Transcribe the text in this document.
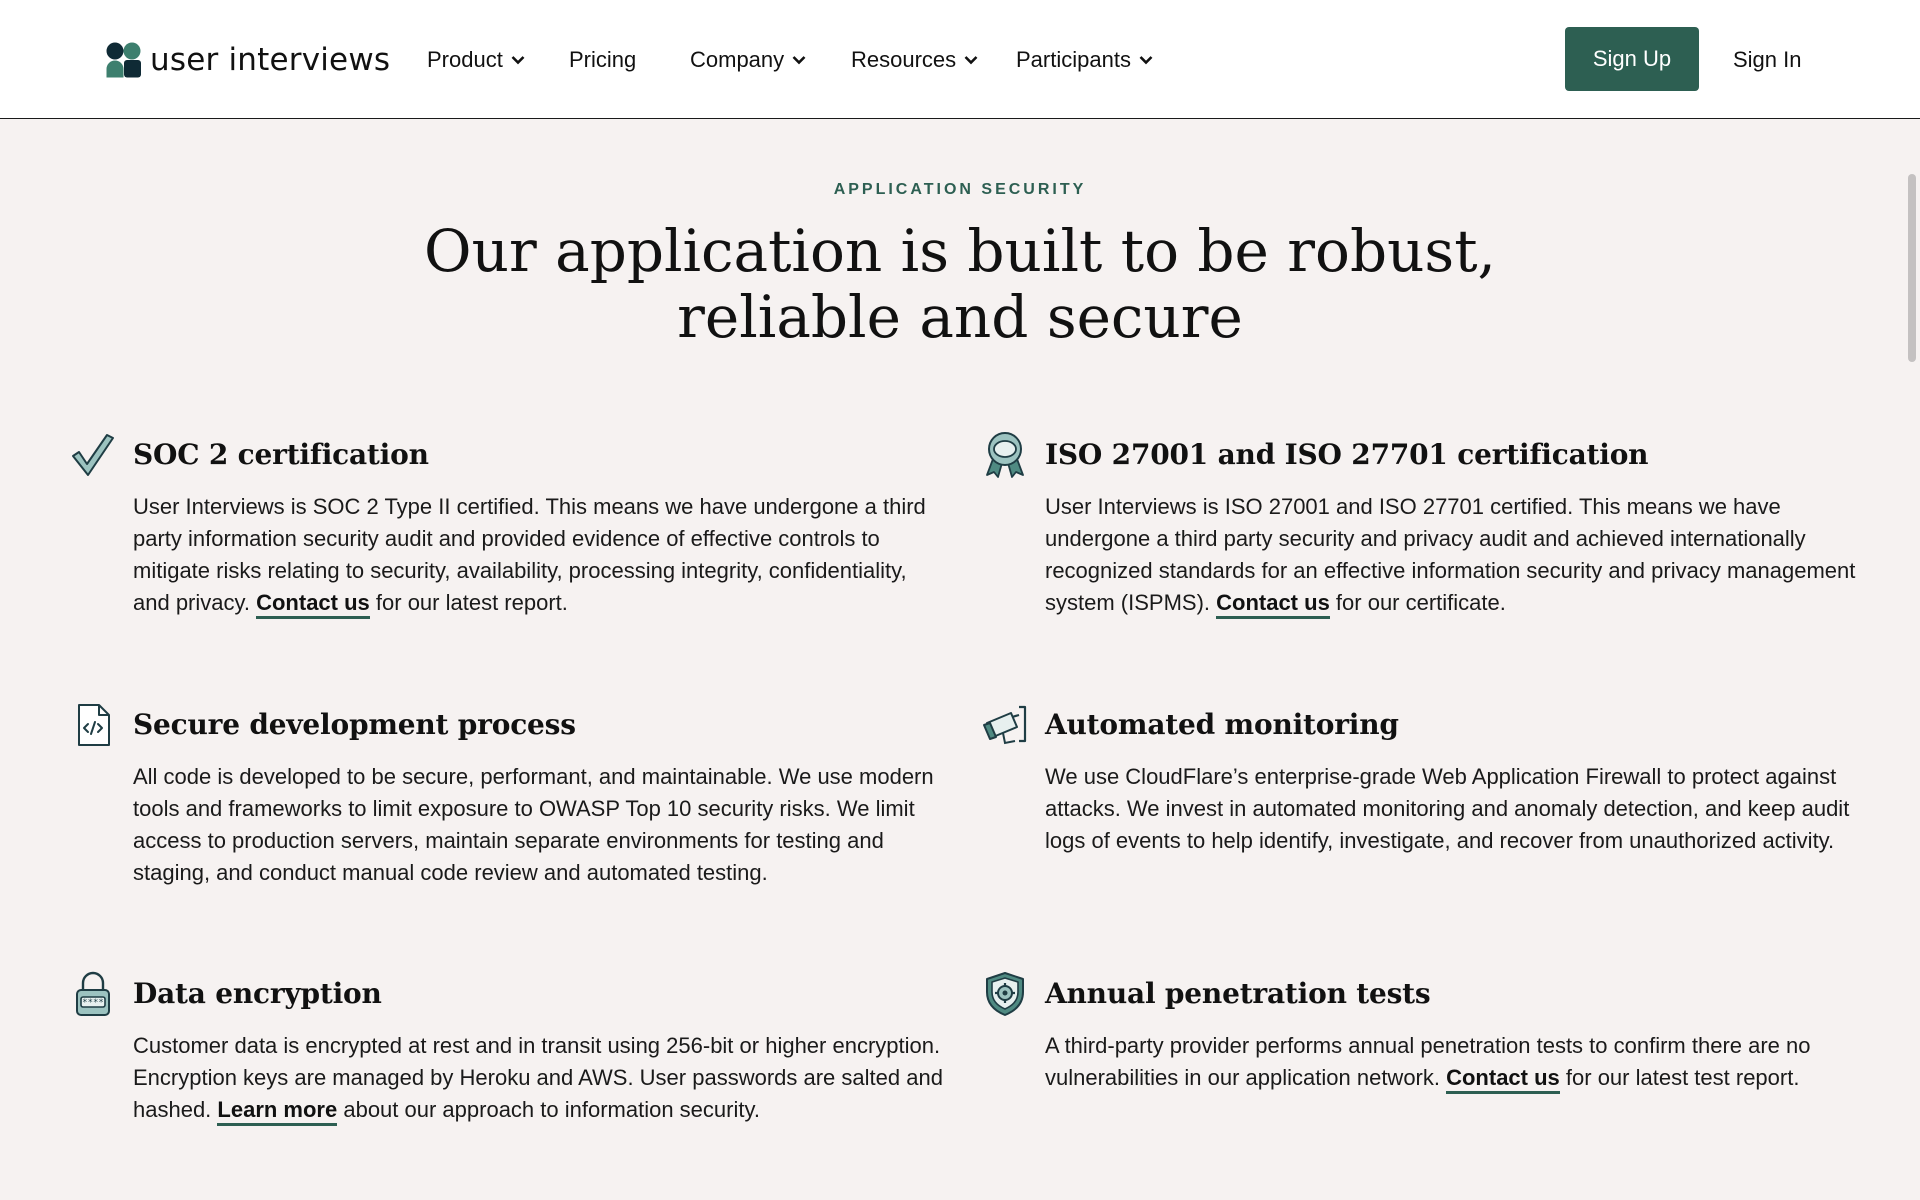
user interviews Product	Pricing Company	Resources	Participants	Sign Up	Sign In
APPLICATION SECURITY
Our application is built to be robust,
reliable and secure
SOC 2 certification

User Interviews is SOC 2 Type II certified. This means we have undergone a third party information security audit and provided evidence of effective controls to mitigate risks relating to security, availability, processing integrity, confidentiality, and privacy. Contact us for our latest report.

ISO 27001 and ISO 27701 certification

User Interviews is ISO 27001 and ISO 27701 certified. This means we have undergone a third party security and privacy audit and achieved internationally recognized standards for an effective information security and privacy management system (ISPMS). Contact us for our certificate.

Secure development process

All code is developed to be secure, performant, and maintainable. We use modern tools and frameworks to limit exposure to OWASP Top 10 security risks. We limit access to production servers, maintain separate environments for testing and staging, and conduct manual code review and automated testing.

Automated monitoring

We use CloudFlare’s enterprise-grade Web Application Firewall to protect against attacks. We invest in automated monitoring and anomaly detection, and keep audit logs of events to help identify, investigate, and recover from unauthorized activity.

**** Data encryption

Customer data is encrypted at rest and in transit using 256-bit or higher encryption. Encryption keys are managed by Heroku and AWS. User passwords are salted and hashed. Learn more about our approach to information security.

Annual penetration tests

A third-party provider performs annual penetration tests to confirm there are no vulnerabilities in our application network. Contact us for our latest test report.
